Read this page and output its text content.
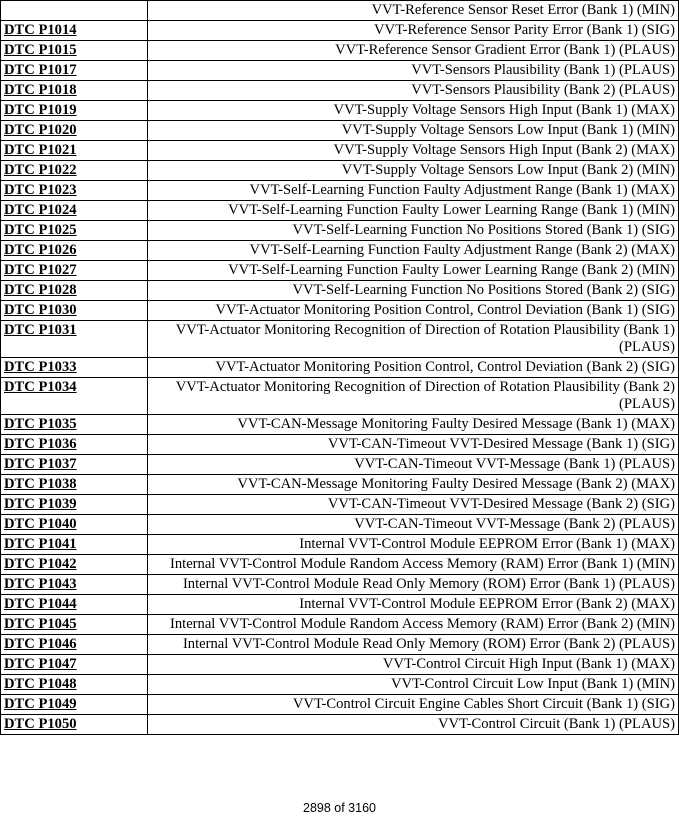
	VVT-Reference Sensor Reset Error (Bank 1) (MIN)
DTC P1014	VVT-Reference Sensor Parity Error (Bank 1) (SIG)
DTC P1015	VVT-Reference Sensor Gradient Error (Bank 1) (PLAUS)
DTC P1017	VVT-Sensors Plausibility (Bank 1) (PLAUS)
DTC P1018	VVT-Sensors Plausibility (Bank 2) (PLAUS)
DTC P1019	VVT-Supply Voltage Sensors High Input (Bank 1) (MAX)
DTC P1020	VVT-Supply Voltage Sensors Low Input (Bank 1) (MIN)
DTC P1021	VVT-Supply Voltage Sensors High Input (Bank 2) (MAX)
DTC P1022	VVT-Supply Voltage Sensors Low Input (Bank 2) (MIN)
DTC P1023	VVT-Self-Learning Function Faulty Adjustment Range (Bank 1) (MAX)
DTC P1024	VVT-Self-Learning Function Faulty Lower Learning Range (Bank 1) (MIN)
DTC P1025	VVT-Self-Learning Function No Positions Stored (Bank 1) (SIG)
DTC P1026	VVT-Self-Learning Function Faulty Adjustment Range (Bank 2) (MAX)
DTC P1027	VVT-Self-Learning Function Faulty Lower Learning Range (Bank 2) (MIN)
DTC P1028	VVT-Self-Learning Function No Positions Stored (Bank 2) (SIG)
DTC P1030	VVT-Actuator Monitoring Position Control, Control Deviation (Bank 1) (SIG)
DTC P1031	VVT-Actuator Monitoring Recognition of Direction of Rotation Plausibility (Bank 1) (PLAUS)
DTC P1033	VVT-Actuator Monitoring Position Control, Control Deviation (Bank 2) (SIG)
DTC P1034	VVT-Actuator Monitoring Recognition of Direction of Rotation Plausibility (Bank 2) (PLAUS)
DTC P1035	VVT-CAN-Message Monitoring Faulty Desired Message (Bank 1) (MAX)
DTC P1036	VVT-CAN-Timeout VVT-Desired Message (Bank 1) (SIG)
DTC P1037	VVT-CAN-Timeout VVT-Message (Bank 1) (PLAUS)
DTC P1038	VVT-CAN-Message Monitoring Faulty Desired Message (Bank 2) (MAX)
DTC P1039	VVT-CAN-Timeout VVT-Desired Message (Bank 2) (SIG)
DTC P1040	VVT-CAN-Timeout VVT-Message (Bank 2) (PLAUS)
DTC P1041	Internal VVT-Control Module EEPROM Error (Bank 1) (MAX)
DTC P1042	Internal VVT-Control Module Random Access Memory (RAM) Error (Bank 1) (MIN)
DTC P1043	Internal VVT-Control Module Read Only Memory (ROM) Error (Bank 1) (PLAUS)
DTC P1044	Internal VVT-Control Module EEPROM Error (Bank 2) (MAX)
DTC P1045	Internal VVT-Control Module Random Access Memory (RAM) Error (Bank 2) (MIN)
DTC P1046	Internal VVT-Control Module Read Only Memory (ROM) Error (Bank 2) (PLAUS)
DTC P1047	VVT-Control Circuit High Input (Bank 1) (MAX)
DTC P1048	VVT-Control Circuit Low Input (Bank 1) (MIN)
DTC P1049	VVT-Control Circuit Engine Cables Short Circuit (Bank 1) (SIG)
DTC P1050	VVT-Control Circuit (Bank 1) (PLAUS)
2898 of 3160
